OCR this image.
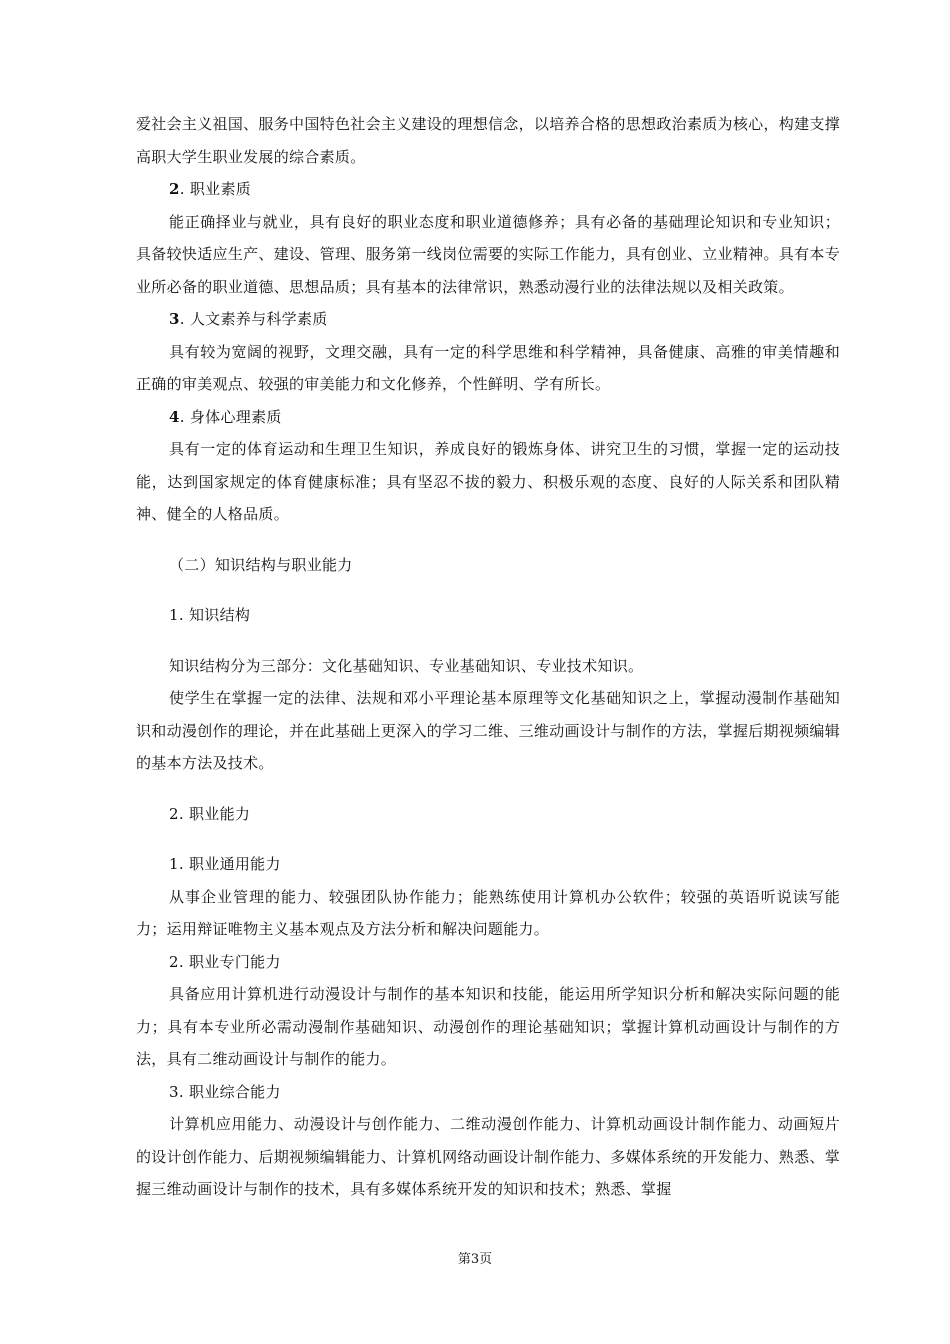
爱社会主义祖国、服务中国特色社会主义建设的理想信念，以培养合格的思想政治素质为核心，构建支撑高职大学生职业发展的综合素质。

2. 职业素质

能正确择业与就业，具有良好的职业态度和职业道德修养；具有必备的基础理论知识和专业知识；具备较快适应生产、建设、管理、服务第一线岗位需要的实际工作能力，具有创业、立业精神。具有本专业所必备的职业道德、思想品质；具有基本的法律常识，熟悉动漫行业的法律法规以及相关政策。

3. 人文素养与科学素质

具有较为宽阔的视野，文理交融，具有一定的科学思维和科学精神，具备健康、高雅的审美情趣和正确的审美观点、较强的审美能力和文化修养，个性鲜明、学有所长。

4. 身体心理素质

具有一定的体育运动和生理卫生知识，养成良好的锻炼身体、讲究卫生的习惯，掌握一定的运动技能，达到国家规定的体育健康标准；具有坚忍不拔的毅力、积极乐观的态度、良好的人际关系和团队精神、健全的人格品质。

（二）知识结构与职业能力

1. 知识结构

知识结构分为三部分：文化基础知识、专业基础知识、专业技术知识。

使学生在掌握一定的法律、法规和邓小平理论基本原理等文化基础知识之上，掌握动漫制作基础知识和动漫创作的理论，并在此基础上更深入的学习二维、三维动画设计与制作的方法，掌握后期视频编辑的基本方法及技术。

2. 职业能力

1. 职业通用能力

从事企业管理的能力、较强团队协作能力；能熟练使用计算机办公软件；较强的英语听说读写能力；运用辩证唯物主义基本观点及方法分析和解决问题能力。

2. 职业专门能力

具备应用计算机进行动漫设计与制作的基本知识和技能，能运用所学知识分析和解决实际问题的能力；具有本专业所必需动漫制作基础知识、动漫创作的理论基础知识；掌握计算机动画设计与制作的方法，具有二维动画设计与制作的能力。

3. 职业综合能力

计算机应用能力、动漫设计与创作能力、二维动漫创作能力、计算机动画设计制作能力、动画短片的设计创作能力、后期视频编辑能力、计算机网络动画设计制作能力、多媒体系统的开发能力、熟悉、掌握三维动画设计与制作的技术，具有多媒体系统开发的知识和技术；熟悉、掌握

第3页
